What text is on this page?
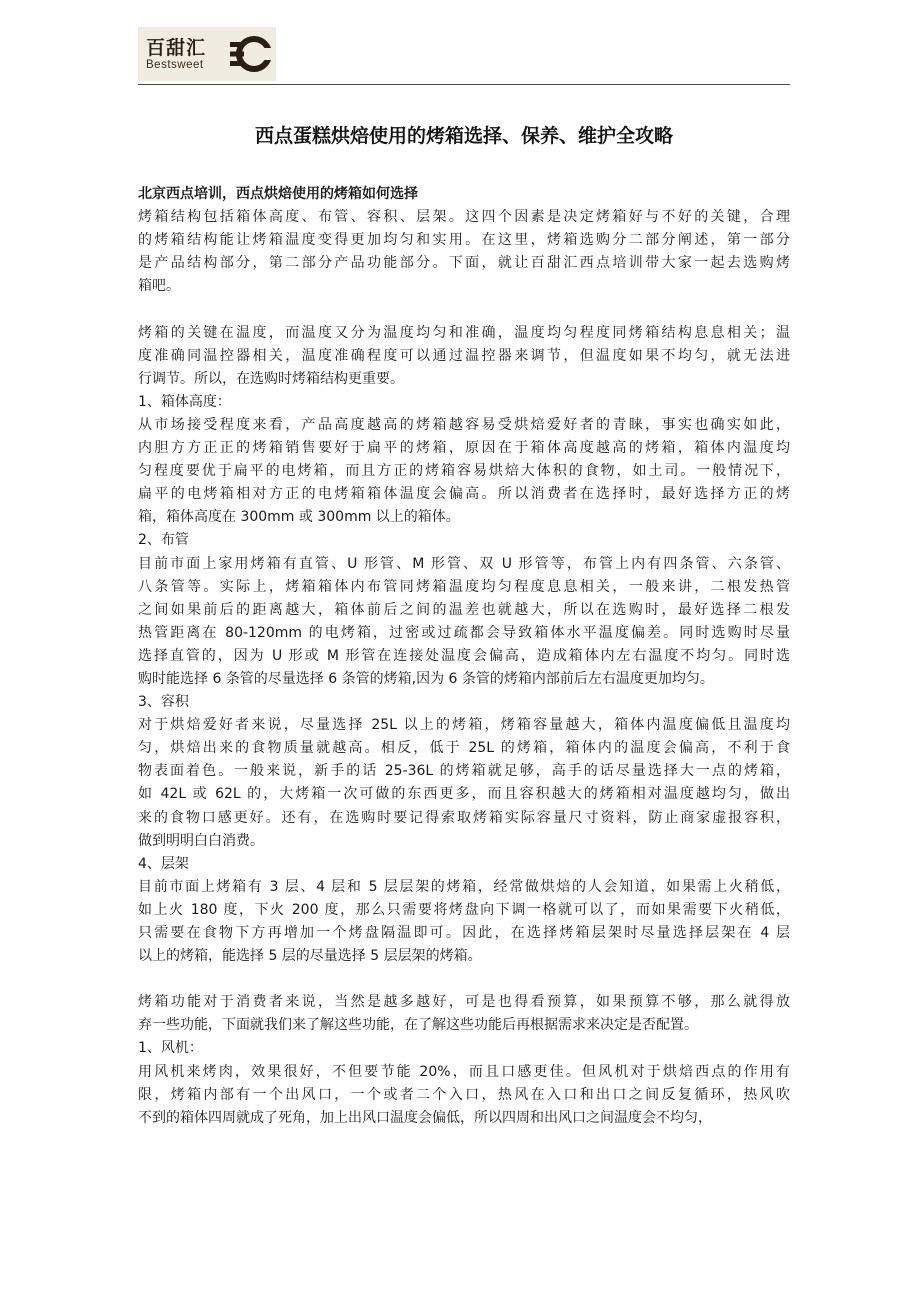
百甜汇
Bestsweet
西点蛋糕烘焙使用的烤箱选择、保养、维护全攻略
北京西点培训，西点烘焙使用的烤箱如何选择
烤箱结构包括箱体高度、布管、容积、层架。这四个因素是决定烤箱好与不好的关键，合理
的烤箱结构能让烤箱温度变得更加均匀和实用。在这里，烤箱选购分二部分阐述，第一部分
是产品结构部分，第二部分产品功能部分。下面，就让百甜汇西点培训带大家一起去选购烤
箱吧。
烤箱的关键在温度，而温度又分为温度均匀和准确，温度均匀程度同烤箱结构息息相关；温
度准确同温控器相关，温度准确程度可以通过温控器来调节，但温度如果不均匀，就无法进
行调节。所以，在选购时烤箱结构更重要。
1、箱体高度：
从市场接受程度来看，产品高度越高的烤箱越容易受烘焙爱好者的青睐，事实也确实如此，
内胆方方正正的烤箱销售要好于扁平的烤箱，原因在于箱体高度越高的烤箱，箱体内温度均
匀程度要优于扁平的电烤箱，而且方正的烤箱容易烘焙大体积的食物，如土司。一般情况下，
扁平的电烤箱相对方正的电烤箱箱体温度会偏高。所以消费者在选择时，最好选择方正的烤
箱，箱体高度在 300mm 或 300mm 以上的箱体。
2、布管
目前市面上家用烤箱有直管、U 形管、M 形管、双 U 形管等，布管上内有四条管、六条管、
八条管等。实际上，烤箱箱体内布管同烤箱温度均匀程度息息相关，一般来讲，二根发热管
之间如果前后的距离越大，箱体前后之间的温差也就越大，所以在选购时，最好选择二根发
热管距离在 80-120mm 的电烤箱，过密或过疏都会导致箱体水平温度偏差。同时选购时尽量
选择直管的，因为 U 形或 M 形管在连接处温度会偏高，造成箱体内左右温度不均匀。同时选
购时能选择 6 条管的尽量选择 6 条管的烤箱,因为 6 条管的烤箱内部前后左右温度更加均匀。
3、容积
对于烘焙爱好者来说，尽量选择 25L 以上的烤箱，烤箱容量越大，箱体内温度偏低且温度均
匀，烘焙出来的食物质量就越高。相反，低于 25L 的烤箱，箱体内的温度会偏高，不利于食
物表面着色。一般来说，新手的话 25-36L 的烤箱就足够，高手的话尽量选择大一点的烤箱，
如 42L 或 62L 的，大烤箱一次可做的东西更多，而且容积越大的烤箱相对温度越均匀，做出
来的食物口感更好。还有，在选购时要记得索取烤箱实际容量尺寸资料，防止商家虚报容积，
做到明明白白消费。
4、层架
目前市面上烤箱有 3 层、4 层和 5 层层架的烤箱，经常做烘焙的人会知道，如果需上火稍低，
如上火 180 度，下火 200 度，那么只需要将烤盘向下调一格就可以了，而如果需要下火稍低，
只需要在食物下方再增加一个烤盘隔温即可。因此，在选择烤箱层架时尽量选择层架在 4 层
以上的烤箱，能选择 5 层的尽量选择 5 层层架的烤箱。
烤箱功能对于消费者来说，当然是越多越好，可是也得看预算，如果预算不够，那么就得放
弃一些功能，下面就我们来了解这些功能，在了解这些功能后再根据需求来决定是否配置。
1、风机：
用风机来烤肉，效果很好，不但要节能 20%，而且口感更佳。但风机对于烘焙西点的作用有
限，烤箱内部有一个出风口，一个或者二个入口，热风在入口和出口之间反复循环，热风吹
不到的箱体四周就成了死角，加上出风口温度会偏低，所以四周和出风口之间温度会不均匀，
